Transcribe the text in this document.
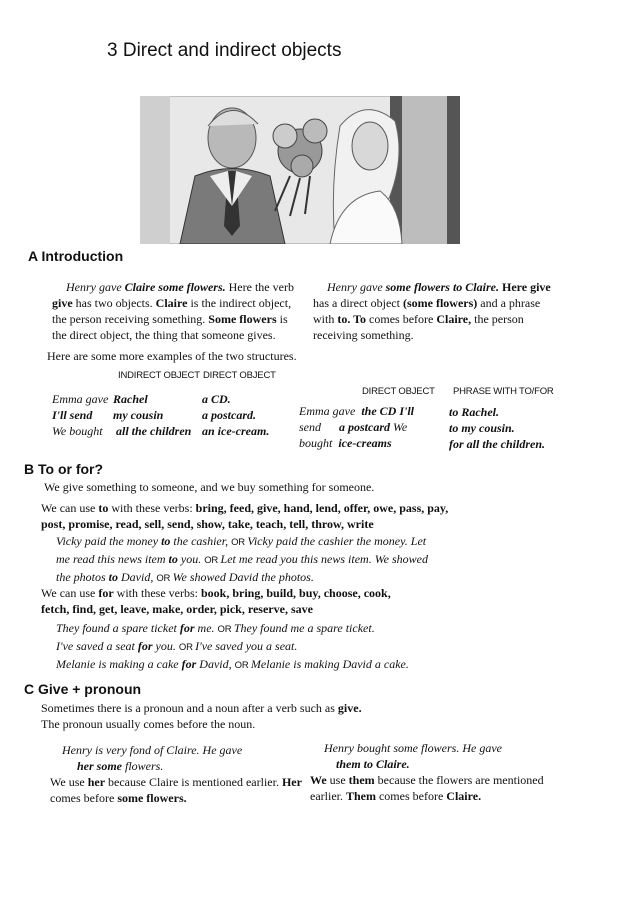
3 Direct and indirect objects
A Introduction

Henry gave Claire some flowers. Here the verb

give has two objects. Claire is the indirect object,

the person receiving something. Some flowers is

the direct object, the thing that someone gives.

Henry gave some flowers to Claire. Here give

has a direct object (some flowers) and a phrase

with to. To comes before Claire, the person

receiving something.

Here are some more examples of the two structures.
INDIRECT OBJECT DIRECT OBJECT
DIRECT OBJECT PHRASE WITH TO/FOR

Emma gave

I'll send

We bought

Rachel

my cousin

all the children

a CD.

a postcard.

an ice-cream.

Emma gave the CD I'll

send a postcard We

bought ice-creams

to Rachel.

to my cousin.

for all the children.

B To or for?
We give something to someone, and we buy something for someone.

We can use to with these verbs: bring, feed, give, hand, lend, offer, owe, pass, pay,

post, promise, read, sell, send, show, take, teach, tell, throw, write

Vicky paid the money to the cashier, OR Vicky paid the cashier the money. Let

me read this news item to you. OR Let me read you this news item. We showed

the photos to David, OR We showed David the photos.

We can use for with these verbs: book, bring, build, buy, choose, cook,

fetch, find, get, leave, make, order, pick, reserve, save

They found a spare ticket for me. OR They found me a spare ticket.

I've saved a seat for you. OR I've saved you a seat.

Melanie is making a cake for David, OR Melanie is making David a cake.

C Give + pronoun

Sometimes there is a pronoun and a noun after a verb such as give.

The pronoun usually comes before the noun.

Henry is very fond of Claire. He gave

her some flowers.

We use her because Claire is mentioned earlier. Her

comes before some flowers.

Henry bought some flowers. He gave

them to Claire.

We use them because the flowers are mentioned

earlier. Them comes before Claire.
